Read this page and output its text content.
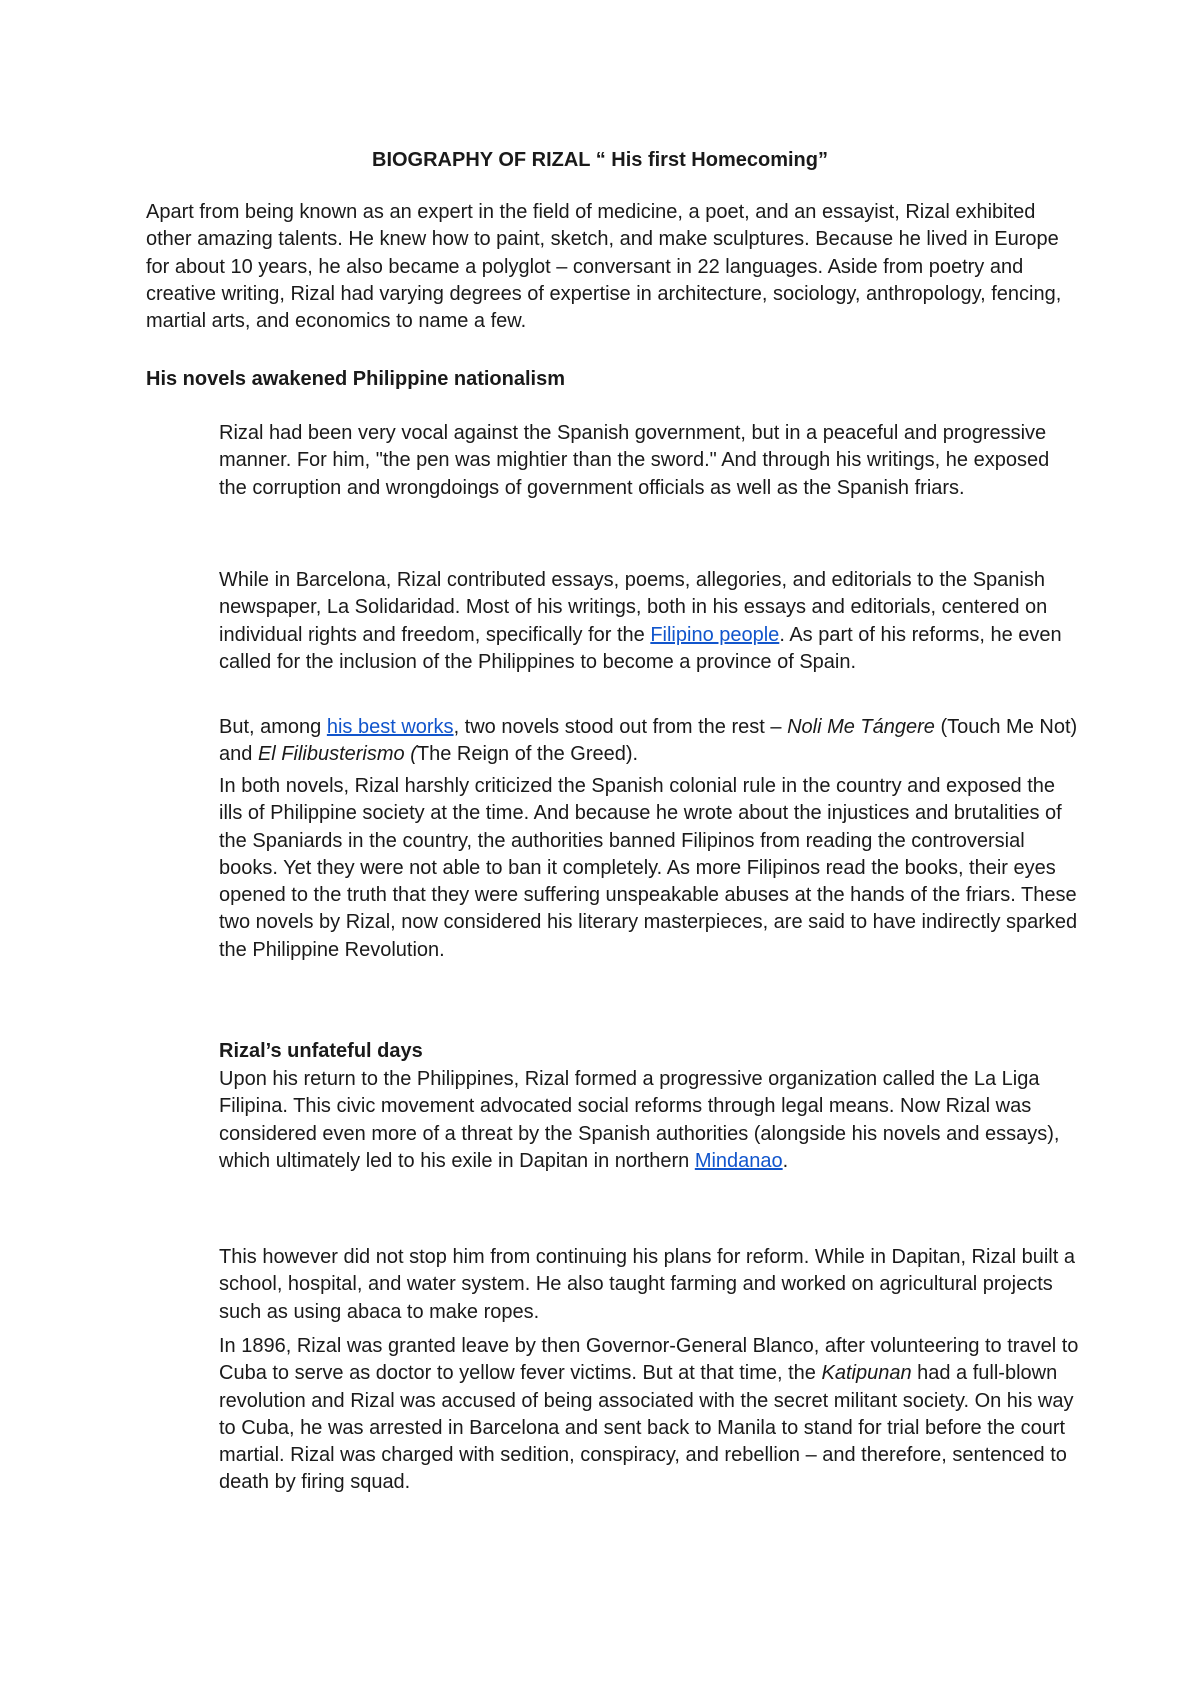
BIOGRAPHY OF RIZAL “ His first Homecoming”

Apart from being known as an expert in the field of medicine, a poet, and an essayist, Rizal exhibited other amazing talents. He knew how to paint, sketch, and make sculptures. Because he lived in Europe for about 10 years, he also became a polyglot – conversant in 22 languages. Aside from poetry and creative writing, Rizal had varying degrees of expertise in architecture, sociology, anthropology, fencing, martial arts, and economics to name a few.

His novels awakened Philippine nationalism

Rizal had been very vocal against the Spanish government, but in a peaceful and progressive manner. For him, "the pen was mightier than the sword." And through his writings, he exposed the corruption and wrongdoings of government officials as well as the Spanish friars.

While in Barcelona, Rizal contributed essays, poems, allegories, and editorials to the Spanish newspaper, La Solidaridad. Most of his writings, both in his essays and editorials, centered on individual rights and freedom, specifically for the Filipino people. As part of his reforms, he even called for the inclusion of the Philippines to become a province of Spain.

But, among his best works, two novels stood out from the rest – Noli Me Tángere (Touch Me Not) and El Filibusterismo (The Reign of the Greed).

In both novels, Rizal harshly criticized the Spanish colonial rule in the country and exposed the ills of Philippine society at the time. And because he wrote about the injustices and brutalities of the Spaniards in the country, the authorities banned Filipinos from reading the controversial books. Yet they were not able to ban it completely. As more Filipinos read the books, their eyes opened to the truth that they were suffering unspeakable abuses at the hands of the friars. These two novels by Rizal, now considered his literary masterpieces, are said to have indirectly sparked the Philippine Revolution.

Rizal’s unfateful days

Upon his return to the Philippines, Rizal formed a progressive organization called the La Liga Filipina. This civic movement advocated social reforms through legal means. Now Rizal was considered even more of a threat by the Spanish authorities (alongside his novels and essays), which ultimately led to his exile in Dapitan in northern Mindanao.

This however did not stop him from continuing his plans for reform. While in Dapitan, Rizal built a school, hospital, and water system. He also taught farming and worked on agricultural projects such as using abaca to make ropes.

In 1896, Rizal was granted leave by then Governor-General Blanco, after volunteering to travel to Cuba to serve as doctor to yellow fever victims. But at that time, the Katipunan had a full-blown revolution and Rizal was accused of being associated with the secret militant society. On his way to Cuba, he was arrested in Barcelona and sent back to Manila to stand for trial before the court martial. Rizal was charged with sedition, conspiracy, and rebellion – and therefore, sentenced to death by firing squad.
